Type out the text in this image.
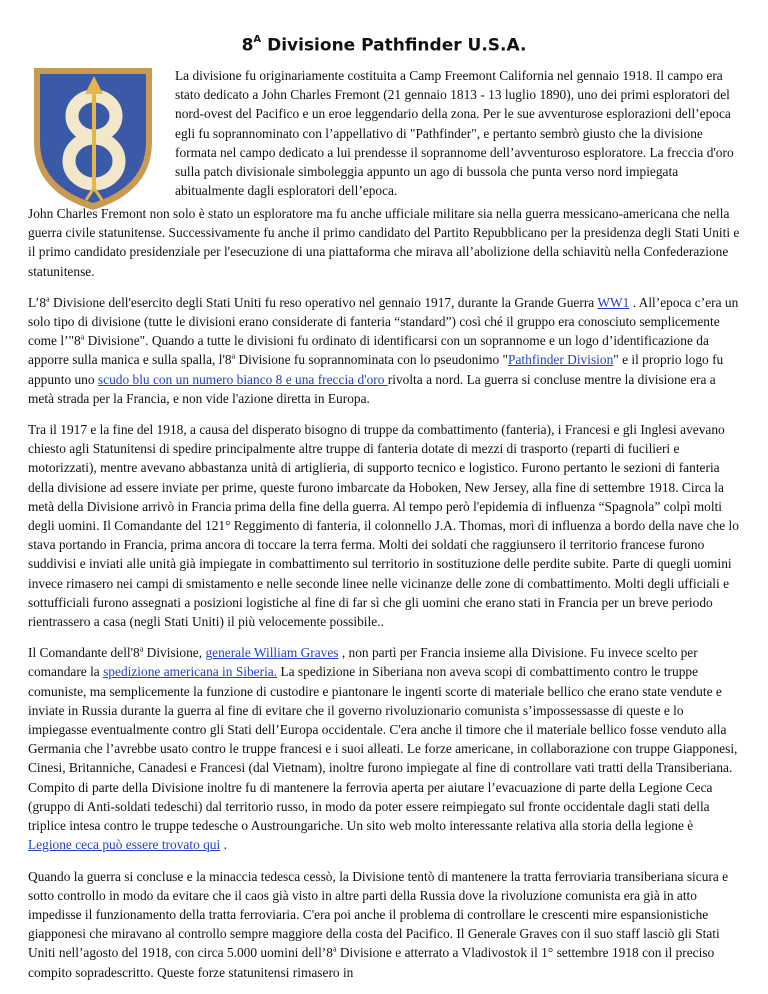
$8^A$ Divisione Pathfinder U.S.A.
La divisione fu originariamente costituita a Camp Freemont California nel gennaio 1918. Il campo era stato dedicato a John Charles Fremont (21 gennaio 1813 - 13 luglio 1890), uno dei primi esploratori del nord-ovest del Pacifico e un eroe leggendario della zona. Per le sue avventurose esplorazioni dell’epoca egli fu soprannominato con l’appellativo di "Pathfinder", e pertanto sembrò giusto che la divisione formata nel campo dedicato a lui prendesse il soprannome dell’avventuroso esploratore. La freccia d'oro sulla patch divisionale simboleggia appunto un ago di bussola che punta verso nord impiegata abitualmente dagli esploratori dell’epoca.

John Charles Fremont non solo è stato un esploratore ma fu anche ufficiale militare sia nella guerra messicano-americana che nella guerra civile statunitense. Successivamente fu anche il primo candidato del Partito Repubblicano per la presidenza degli Stati Uniti e il primo candidato presidenziale per l'esecuzione di una piattaforma che mirava all’abolizione della schiavitù nella Confederazione statunitense.

L’8$^a$ Divisione dell'esercito degli Stati Uniti fu reso operativo nel gennaio 1917, durante la Grande Guerra WW1 . All’epoca c’era un solo tipo di divisione (tutte le divisioni erano considerate di fanteria “standard”) così ché il gruppo era conosciuto semplicemente come l’"8$^a$ Divisione". Quando a tutte le divisioni fu ordinato di identificarsi con un soprannome e un logo d’identificazione da apporre sulla manica e sulla spalla, l'8$^a$ Divisione fu soprannominata con lo pseudonimo "Pathfinder Division" e il proprio logo fu appunto uno scudo blu con un numero bianco 8 e una freccia d'oro rivolta a nord. La guerra si concluse mentre la divisione era a metà strada per la Francia, e non vide l'azione diretta in Europa.

Tra il 1917 e la fine del 1918, a causa del disperato bisogno di truppe da combattimento (fanteria), i Francesi e gli Inglesi avevano chiesto agli Statunitensi di spedire principalmente altre truppe di fanteria dotate di mezzi di trasporto (reparti di fucilieri e motorizzati), mentre avevano abbastanza unità di artiglieria, di supporto tecnico e logistico. Furono pertanto le sezioni di fanteria della divisione ad essere inviate per prime, queste furono imbarcate da Hoboken, New Jersey, alla fine di settembre 1918. Circa la metà della Divisione arrivò in Francia prima della fine della guerra. Al tempo però l'epidemia di influenza “Spagnola” colpì molti degli uomini. Il Comandante del 121° Reggimento di fanteria, il colonnello J.A. Thomas, morì di influenza a bordo della nave che lo stava portando in Francia, prima ancora di toccare la terra ferma. Molti dei soldati che raggiunsero il territorio francese furono suddivisi e inviati alle unità già impiegate in combattimento sul territorio in sostituzione delle perdite subite. Parte di quegli uomini invece rimasero nei campi di smistamento e nelle seconde linee nelle vicinanze delle zone di combattimento. Molti degli ufficiali e sottufficiali furono assegnati a posizioni logistiche al fine di far sì che gli uomini che erano stati in Francia per un breve periodo rientrassero a casa (negli Stati Uniti) il più velocemente possibile..

Il Comandante dell'8$^a$ Divisione, generale William Graves , non partì per Francia insieme alla Divisione. Fu invece scelto per comandare la spedizione americana in Siberia. La spedizione in Siberiana non aveva scopi di combattimento contro le truppe comuniste, ma semplicemente la funzione di custodire e piantonare le ingenti scorte di materiale bellico che erano state vendute e inviate in Russia durante la guerra al fine di evitare che il governo rivoluzionario comunista s’impossessasse di queste e lo impiegasse eventualmente contro gli Stati dell’Europa occidentale. C'era anche il timore che il materiale bellico fosse venduto alla Germania che l’avrebbe usato contro le truppe francesi e i suoi alleati. Le forze americane, in collaborazione con truppe Giapponesi, Cinesi, Britanniche, Canadesi e Francesi (dal Vietnam), inoltre furono impiegate al fine di controllare vati tratti della Transiberiana. Compito di parte della Divisione inoltre fu di mantenere la ferrovia aperta per aiutare l’evacuazione di parte della Legione Ceca (gruppo di Anti-soldati tedeschi) dal territorio russo, in modo da poter essere reimpiegato sul fronte occidentale dagli stati della triplice intesa contro le truppe tedesche o Austroungariche. Un sito web molto interessante relativa alla storia della legione è Legione ceca può essere trovato qui .

Quando la guerra si concluse e la minaccia tedesca cessò, la Divisione tentò di mantenere la tratta ferroviaria transiberiana sicura e sotto controllo in modo da evitare che il caos già visto in altre parti della Russia dove la rivoluzione comunista era già in atto impedisse il funzionamento della tratta ferroviaria. C'era poi anche il problema di controllare le crescenti mire espansionistiche giapponesi che miravano al controllo sempre maggiore della costa del Pacifico. Il Generale Graves con il suo staff lasciò gli Stati Uniti nell’agosto del 1918, con circa 5.000 uomini dell’8$^a$ Divisione e atterrato a Vladivostok il 1° settembre 1918 con il preciso compito sopradescritto. Queste forze statunitensi rimasero in
